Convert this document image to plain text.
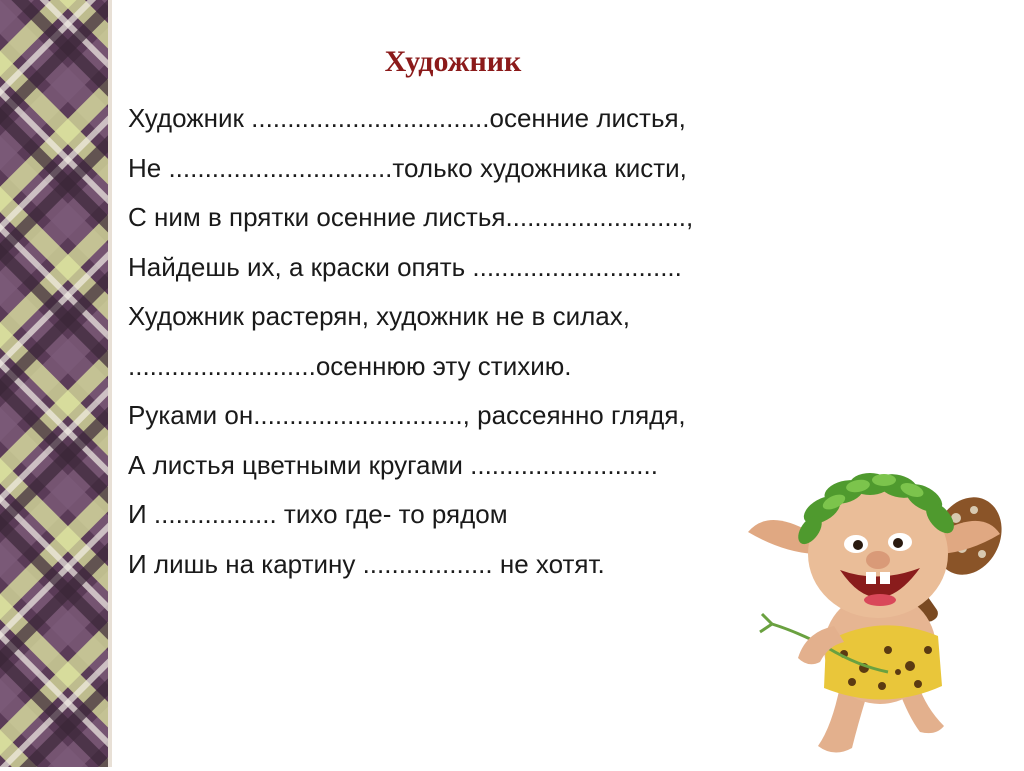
Художник
Художник .................................осенние листья,
Не ...............................только художника кисти,
С ним в прятки осенние листья.........................,
Найдешь их, а краски опять .............................
Художник растерян, художник не в силах,
..........................осеннюю эту стихию.
Руками он............................., рассеянно глядя,
А листья цветными кругами ..........................
И ................. тихо где- то рядом
И лишь на картину .................. не хотят.
